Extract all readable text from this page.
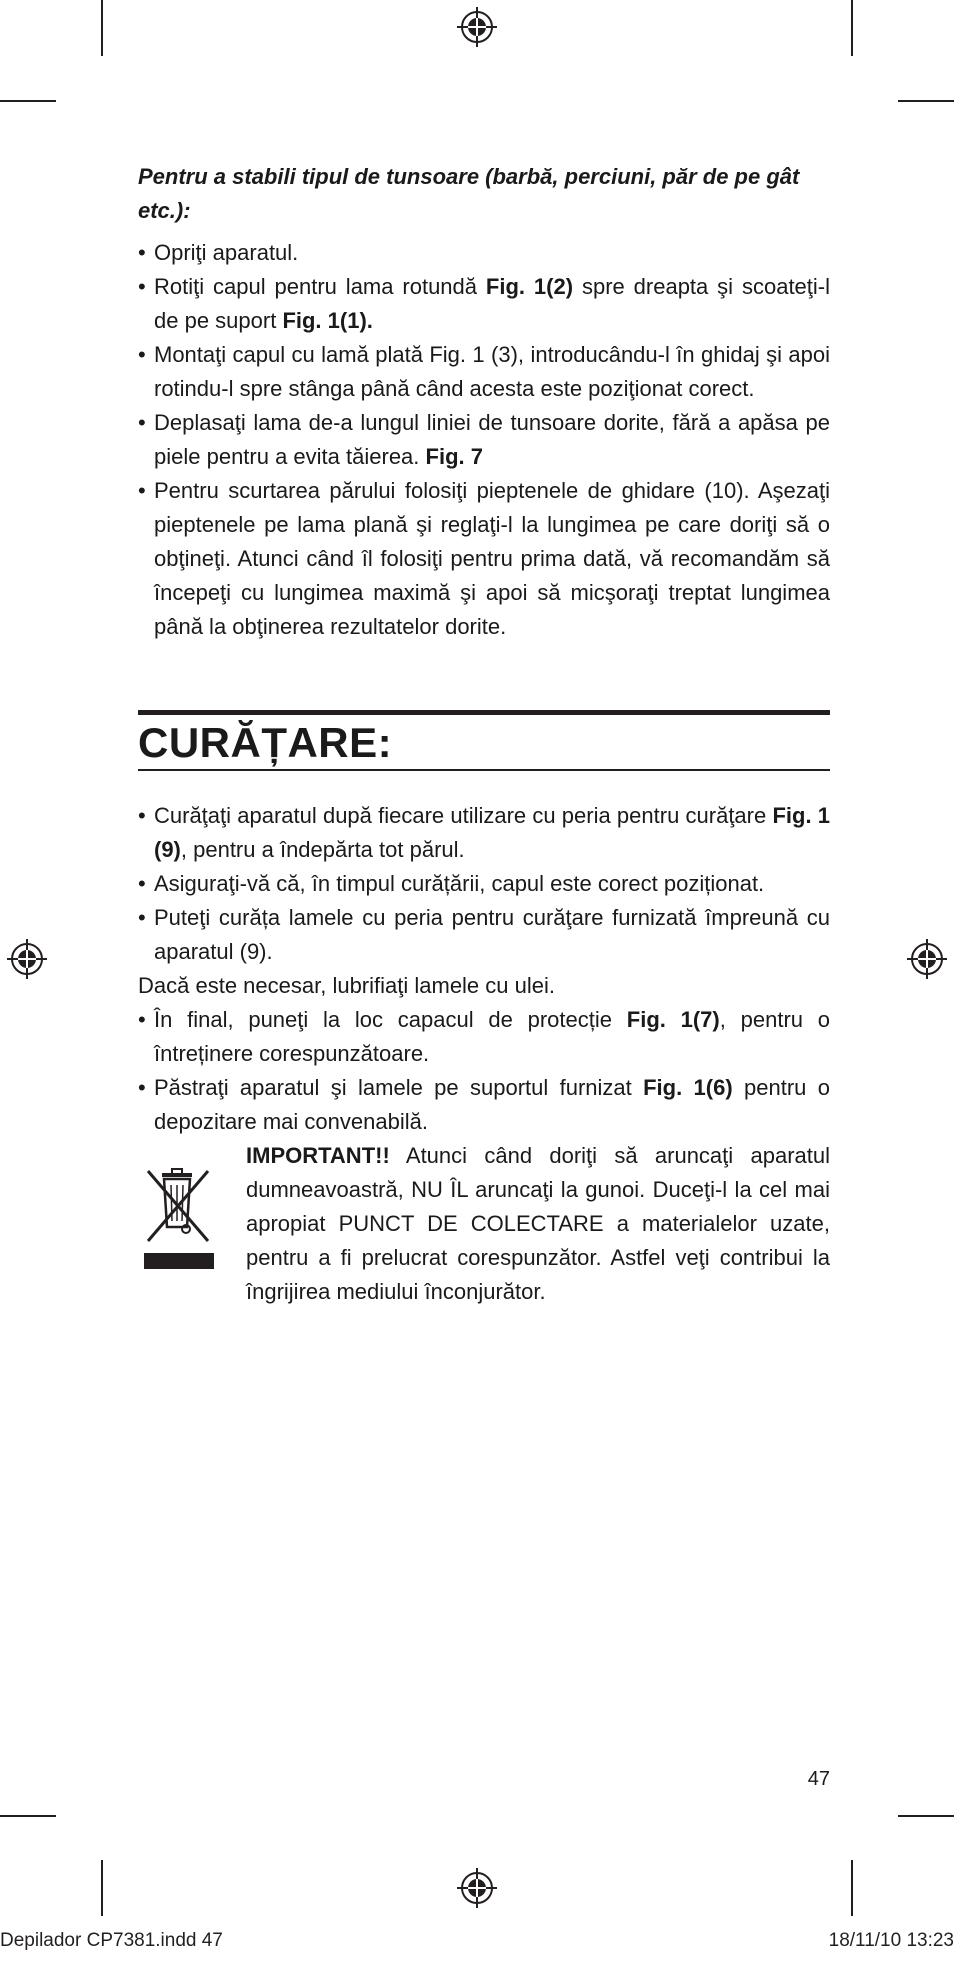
Pentru a stabili tipul de tunsoare (barbă, perciuni, păr de pe gât etc.):

• Opriţi aparatul.
• Rotiţi capul pentru lama rotundă Fig. 1(2) spre dreapta şi scoateţi-l de pe suport Fig. 1(1).
• Montaţi capul cu lamă plată Fig. 1 (3), introducându-l în ghidaj şi apoi rotindu-l spre stânga până când acesta este poziţionat corect.
• Deplasaţi lama de-a lungul liniei de tunsoare dorite, fără a apăsa pe piele pentru a evita tăierea. Fig. 7
• Pentru scurtarea părului folosiţi pieptenele de ghidare (10). Aşezaţi pieptenele pe lama plană şi reglaţi-l la lungimea pe care doriţi să o obţineţi. Atunci când îl folosiţi pentru prima dată, vă recomandăm să începeţi cu lungimea maximă şi apoi să micşoraţi treptat lungimea până la obţinerea rezultatelor dorite.
CURĂȚARE:
• Curăţaţi aparatul după fiecare utilizare cu peria pentru curăţare Fig. 1 (9), pentru a îndepărta tot părul.
• Asiguraţi-vă că, în timpul curățării, capul este corect poziționat.
• Puteţi curăța lamele cu peria pentru curăţare furnizată împreună cu aparatul (9).

Dacă este necesar, lubrifiaţi lamele cu ulei.

• În final, puneţi la loc capacul de protecție Fig. 1(7), pentru o întreținere corespunzătoare.
• Păstraţi aparatul şi lamele pe suportul furnizat Fig. 1(6) pentru o depozitare mai convenabilă.

IMPORTANT!! Atunci când doriţi să aruncaţi aparatul dumneavoastră, NU ÎL aruncaţi la gunoi. Duceţi-l la cel mai apropiat PUNCT DE COLECTARE a materialelor uzate, pentru a fi prelucrat corespunzător. Astfel veţi contribui la îngrijirea mediului înconjurător.

47
Depilador CP7381.indd 47	18/11/10 13:23
